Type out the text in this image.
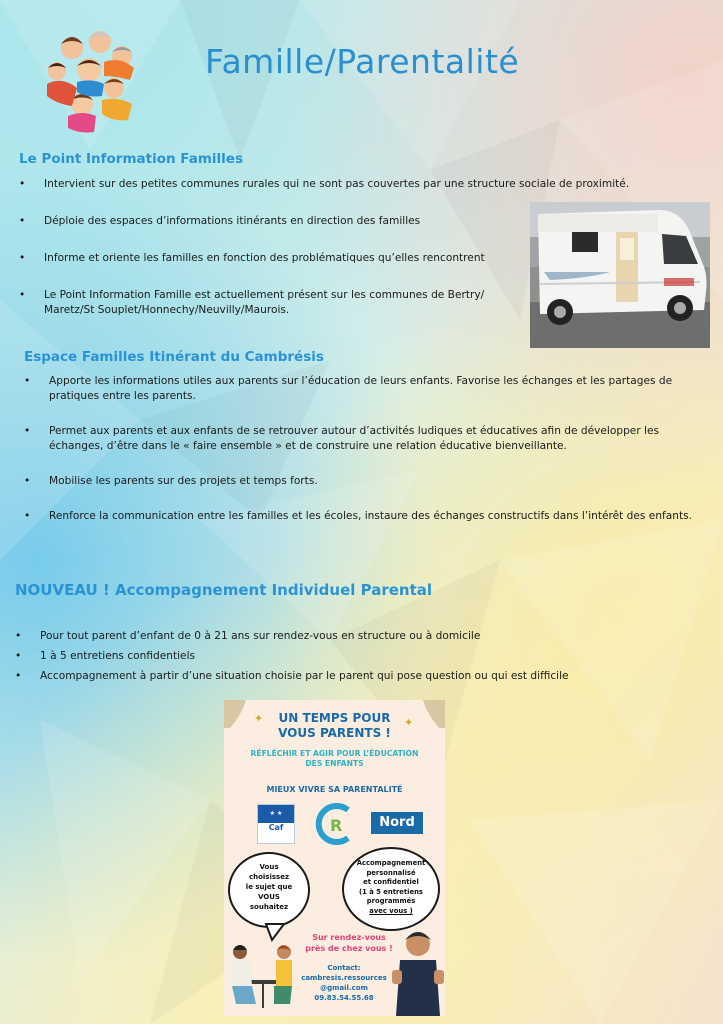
Famille/Parentalité
Le Point Information Familles
• Intervient sur des petites communes rurales qui ne sont pas couvertes par une structure sociale de proximité.
• Déploie des espaces d’informations itinérants en direction des familles
• Informe et oriente les familles en fonction des problématiques qu’elles rencontrent
• Le Point Information Famille est actuellement présent sur les communes de Bertry/ Maretz/St Souplet/Honnechy/Neuvilly/Maurois.
Espace Familles Itinérant du Cambrésis
• Apporte les informations utiles aux parents sur l’éducation de leurs enfants. Favorise les échanges et les partages de pratiques entre les parents.
• Permet aux parents et aux enfants de se retrouver autour d’activités ludiques et éducatives afin de développer les échanges, d’être dans le « faire ensemble » et de construire une relation éducative bienveillante.
• Mobilise les parents sur des projets et temps forts.
• Renforce la communication entre les familles et les écoles, instaure des échanges constructifs dans l’intérêt des enfants.
NOUVEAU ! Accompagnement Individuel Parental
• Pour tout parent d’enfant de 0 à 21 ans sur rendez-vous en structure ou à domicile
• 1 à 5 entretiens confidentiels
• Accompagnement à partir d’une situation choisie par le parent qui pose question ou qui est difficile
✦	✦
UN TEMPS POUR
VOUS PARENTS !
RÉFLÉCHIR ET AGIR POUR L’ÉDUCATION
DES ENFANTS
MIEUX VIVRE SA PARENTALITÉ
★ ★
Caf	R	Nord
Vous
choisissez
le sujet que
VOUS
souhaitez
Accompagnement
personnalisé
et confidentiel
(1 à 5 entretiens
programmés
avec vous )
Sur rendez-vous
près de chez vous !
Contact:
cambresis.ressources
@gmail.com
09.83.54.55.68
